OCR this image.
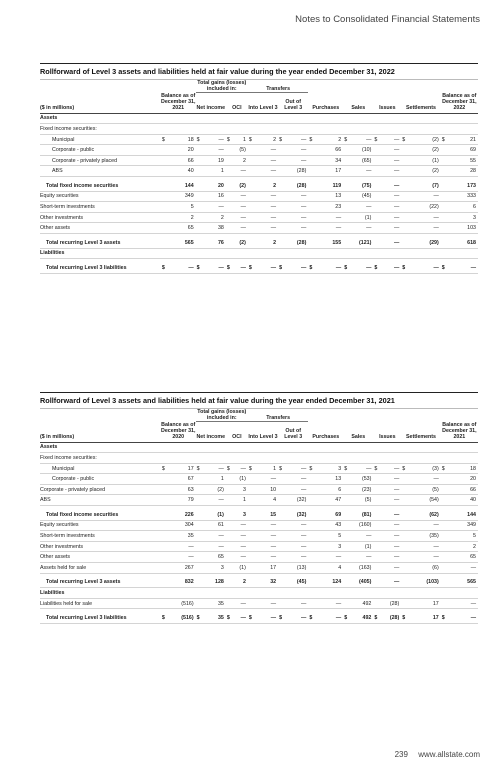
Notes to Consolidated Financial Statements
Rollforward of Level 3 assets and liabilities held at fair value during the year ended December 31, 2022
			Total gains (losses) included in:				Transfers													
($ in millions)	Balance as of December 31, 2021		Net income		OCI		Into Level 3		Out of Level 3		Purchases		Sales		Issues		Settlements		Balance as of December 31, 2022	
Assets																				
Fixed income securities:																				
Municipal	$	18	$	—	$	1	$	2	$	—	$	2	$	—	$	—	$	(2)	$	21
Corporate - public		20		—		(5)		—		—		66		(10)		—		(2)		69
Corporate - privately placed		66		19		2		—		—		34		(65)		—		(1)		55
ABS		40		1		—		—		(28)		17		—		—		(2)		28

Total fixed income securities		144		20		(2)		2		(28)		119		(75)		—		(7)		173
Equity securities		349		16		—		—		—		13		(45)		—		—		333
Short-term investments		5		—		—		—		—		23		—		—		(22)		6
Other investments		2		2		—		—		—		—		(1)		—		—		3
Other assets		65		38		—		—		—		—		—		—		—		103

Total recurring Level 3 assets		565		76		(2)		2		(28)		155		(121)		—		(29)		618
Liabilities																				

Total recurring Level 3 liabilities	$	—	$	—	$	—	$	—	$	—	$	—	$	—	$	—	$	—	$	—
Rollforward of Level 3 assets and liabilities held at fair value during the year ended December 31, 2021
			Total gains (losses) included in:				Transfers													
($ in millions)	Balance as of December 31, 2020		Net income		OCI		Into Level 3		Out of Level 3		Purchases		Sales		Issues		Settlements		Balance as of December 31, 2021	
Assets																				
Fixed income securities:																				
Municipal	$	17	$	—	$	—	$	1	$	—	$	3	$	—	$	—	$	(3)	$	18
Corporate - public		67		1		(1)		—		—		13		(53)		—		—		20
Corporate - privately placed		63		(2)		3		10		—		6		(23)		—		(5)		66
ABS		79		—		1		4		(32)		47		(5)		—		(54)		40

Total fixed income securities		226		(1)		3		15		(32)		69		(81)		—		(62)		144
Equity securities		304		61		—		—		—		43		(160)		—		—		349
Short-term investments		35		—		—		—		—		5		—		—		(35)		5
Other investments		—		—		—		—		—		3		(1)		—		—		2
Other assets		—		65		—		—		—		—		—		—		—		65
Assets held for sale		267		3		(1)		17		(13)		4		(163)		—		(6)		—

Total recurring Level 3 assets		832		128		2		32		(45)		124		(405)		—		(103)		565
Liabilities																				
Liabilities held for sale		(516)		35		—		—		—		—		492		(28)		17		—

Total recurring Level 3 liabilities	$	(516)	$	35	$	—	$	—	$	—	$	—	$	492	$	(28)	$	17	$	—
239 www.allstate.com
